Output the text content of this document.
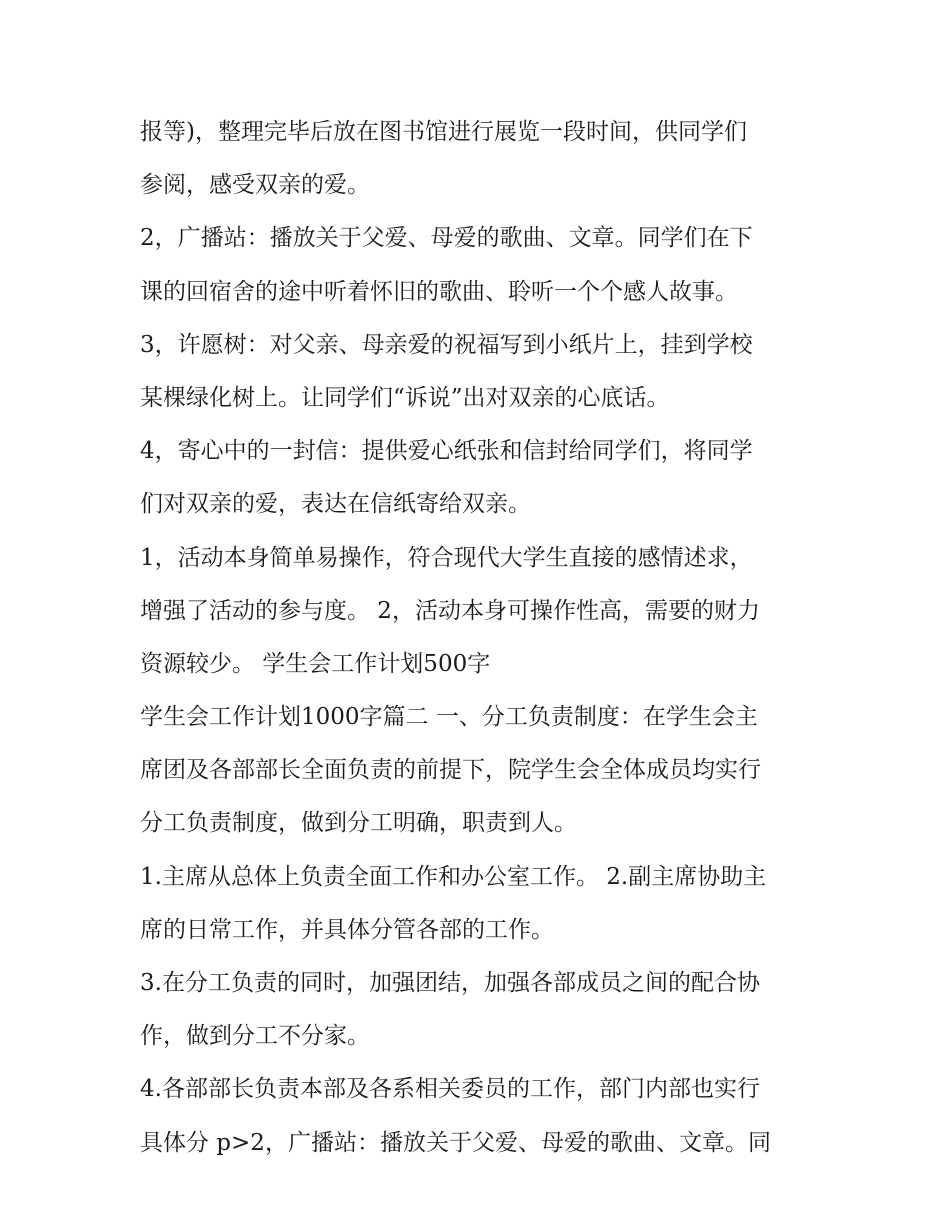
报等)，整理完毕后放在图书馆进行展览一段时间，供同学们
参阅，感受双亲的爱。
2，广播站：播放关于父爱、母爱的歌曲、文章。同学们在下
课的回宿舍的途中听着怀旧的歌曲、聆听一个个感人故事。
3，许愿树：对父亲、母亲爱的祝福写到小纸片上，挂到学校
某棵绿化树上。让同学们“诉说”出对双亲的心底话。
4，寄心中的一封信：提供爱心纸张和信封给同学们，将同学
们对双亲的爱，表达在信纸寄给双亲。
1，活动本身简单易操作，符合现代大学生直接的感情述求，
增强了活动的参与度。 2，活动本身可操作性高，需要的财力
资源较少。 学生会工作计划500字
学生会工作计划1000字篇二 一、分工负责制度：在学生会主
席团及各部部长全面负责的前提下，院学生会全体成员均实行
分工负责制度，做到分工明确，职责到人。
1.主席从总体上负责全面工作和办公室工作。 2.副主席协助主
席的日常工作，并具体分管各部的工作。
3.在分工负责的同时，加强团结，加强各部成员之间的配合协
作，做到分工不分家。
4.各部部长负责本部及各系相关委员的工作，部门内部也实行
具体分 p>2，广播站：播放关于父爱、母爱的歌曲、文章。同
